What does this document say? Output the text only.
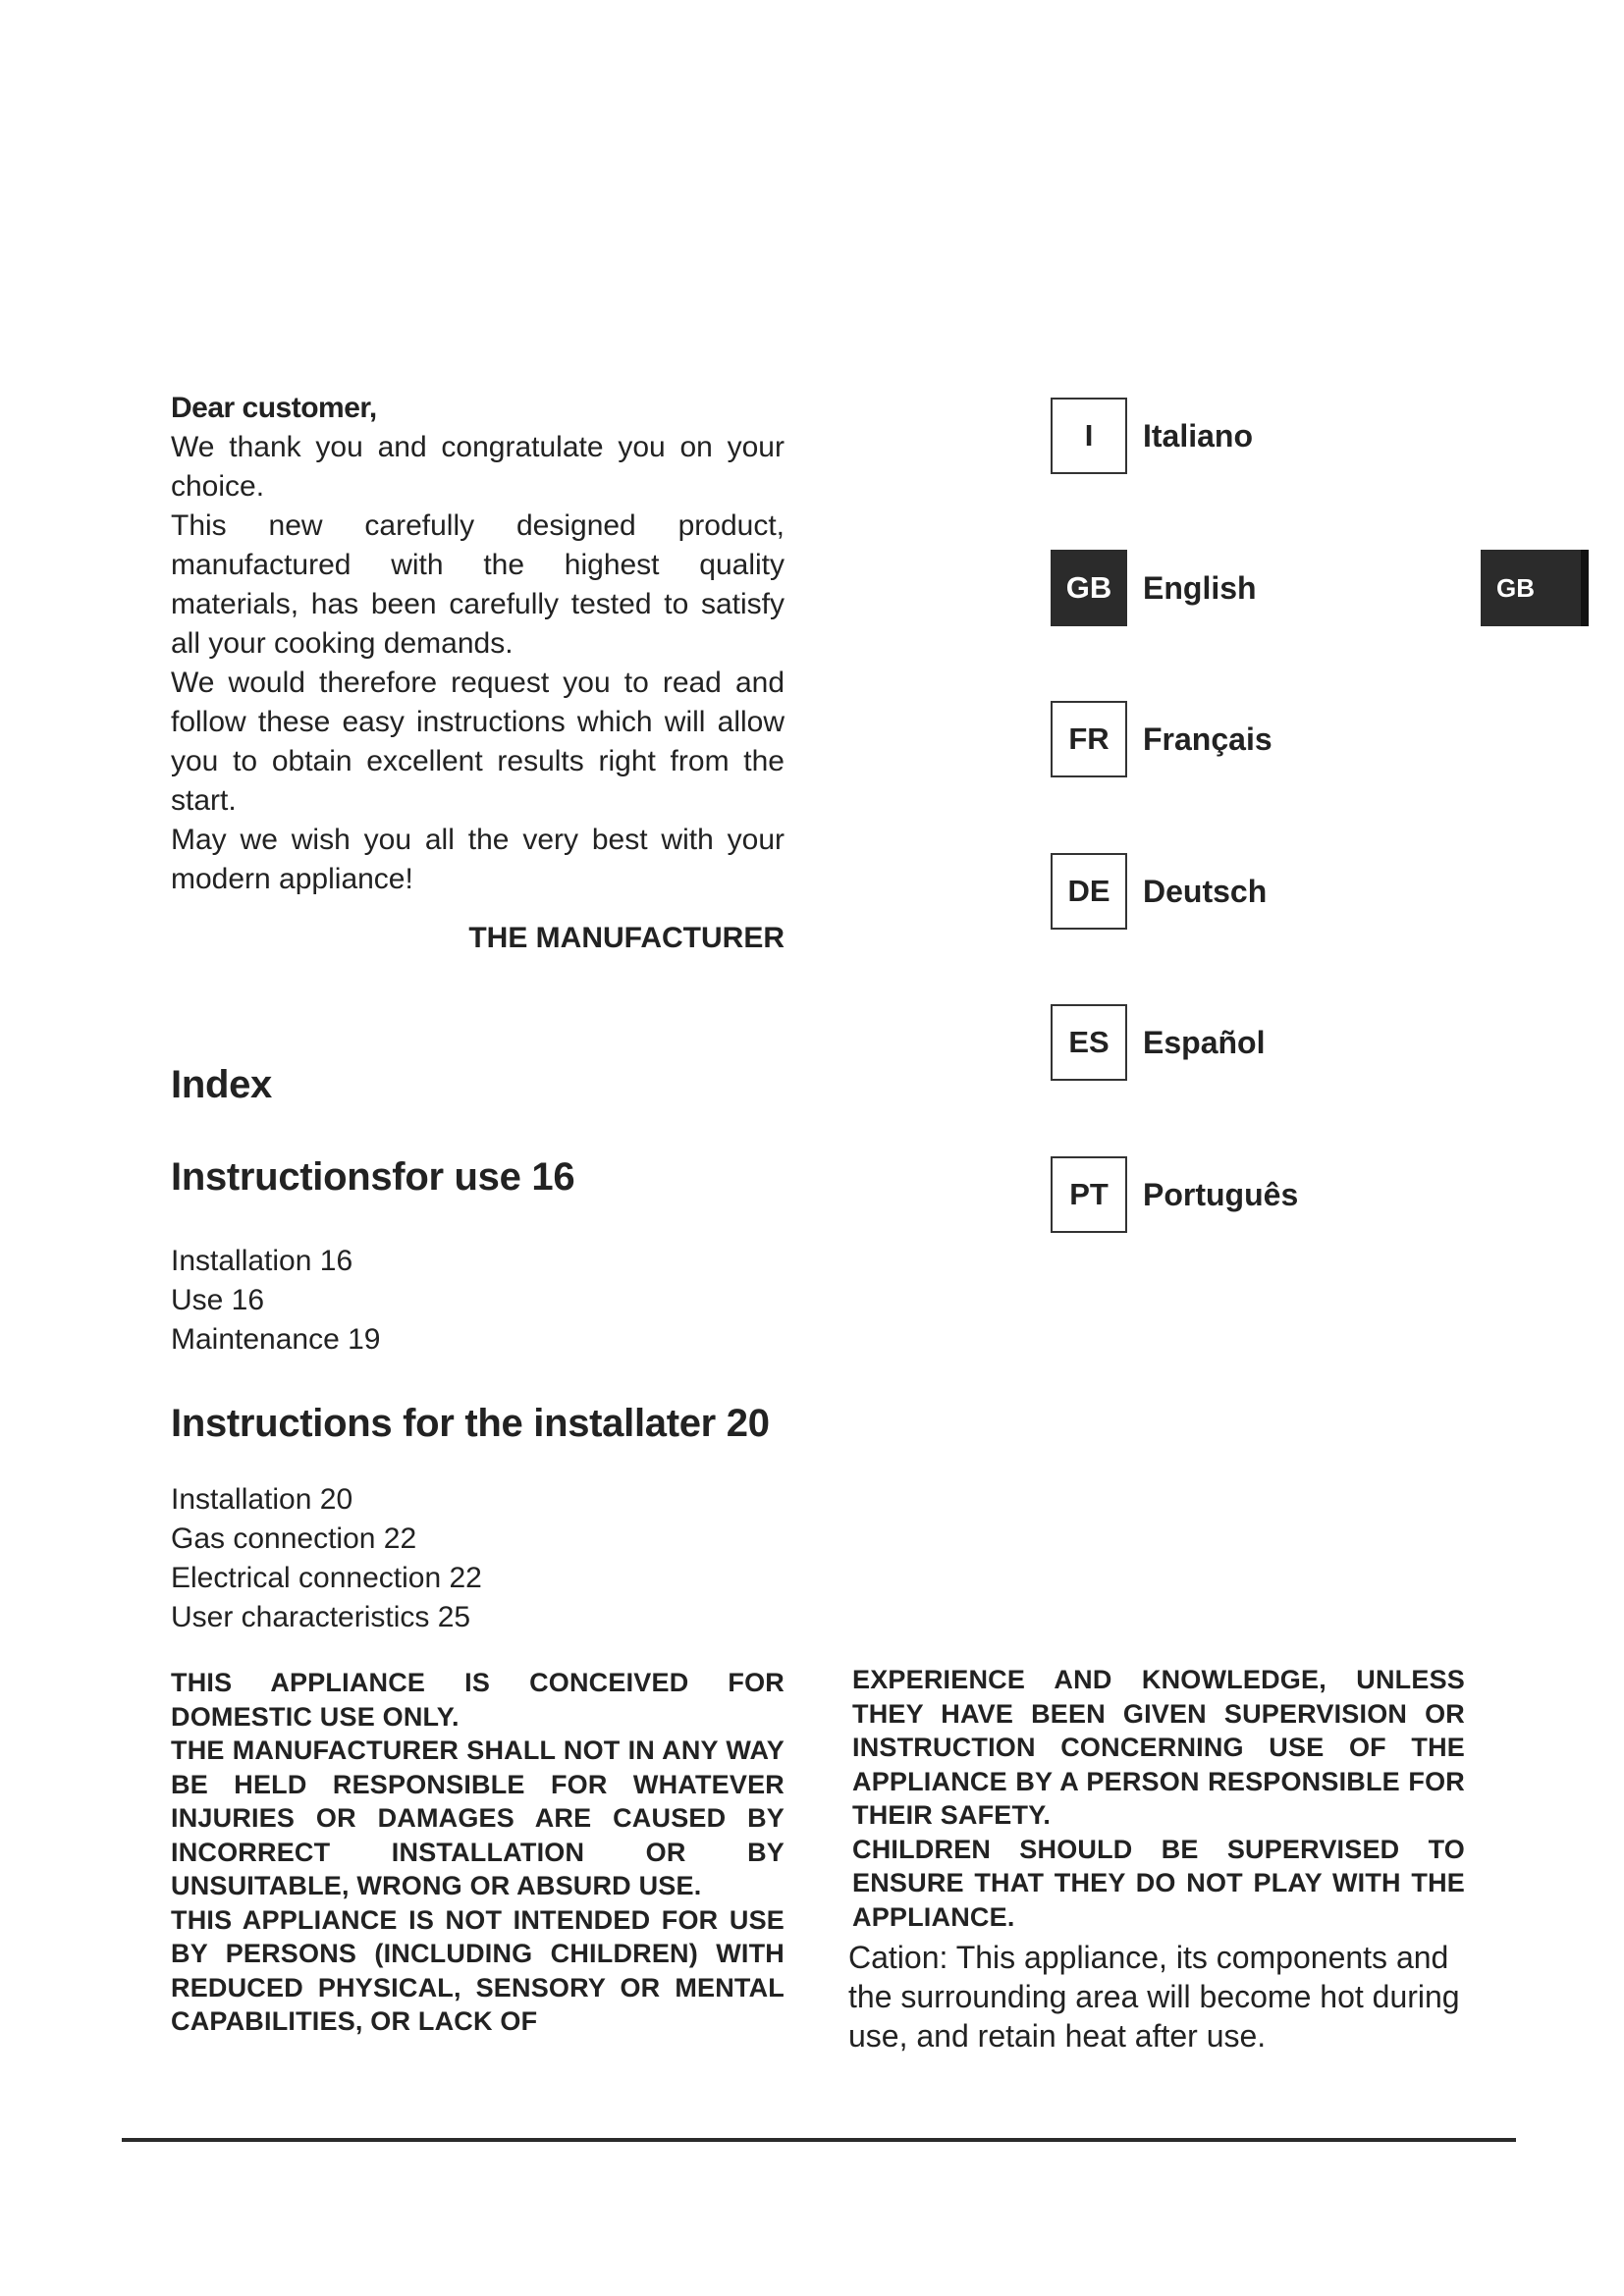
Dear customer,

We thank you and congratulate you on your choice.

This new carefully designed product, manufactured with the highest quality materials, has been carefully tested to satisfy all your cooking demands.

We would therefore request you to read and follow these easy instructions which will allow you to obtain excellent results right from the start.

May we wish you all the very best with your modern appliance!

THE MANUFACTURER

Index
Instructionsfor use 16

Installation 16

Use 16

Maintenance 19

Instructions for the installater 20

Installation 20

Gas connection 22

Electrical connection 22

User characteristics 25

I	Italiano
GB English
FR	Français
DE	Deutsch
ES	Español
PT	Português
GB

THIS APPLIANCE IS CONCEIVED FOR DOMESTIC USE ONLY.

THE MANUFACTURER SHALL NOT IN ANY WAY BE HELD RESPONSIBLE FOR WHATEVER INJURIES OR DAMAGES ARE CAUSED BY INCORRECT INSTALLATION OR BY UNSUITABLE, WRONG OR ABSURD USE.

THIS APPLIANCE IS NOT INTENDED FOR USE BY PERSONS (INCLUDING CHILDREN) WITH REDUCED PHYSICAL, SENSORY OR MENTAL CAPABILITIES, OR LACK OF

EXPERIENCE AND KNOWLEDGE, UNLESS THEY HAVE BEEN GIVEN SUPERVISION OR INSTRUCTION CONCERNING USE OF THE APPLIANCE BY A PERSON RESPONSIBLE FOR THEIR SAFETY.

CHILDREN SHOULD BE SUPERVISED TO ENSURE THAT THEY DO NOT PLAY WITH THE APPLIANCE.

Cation: This appliance, its components and the surrounding area will become hot during use, and retain heat after use.
